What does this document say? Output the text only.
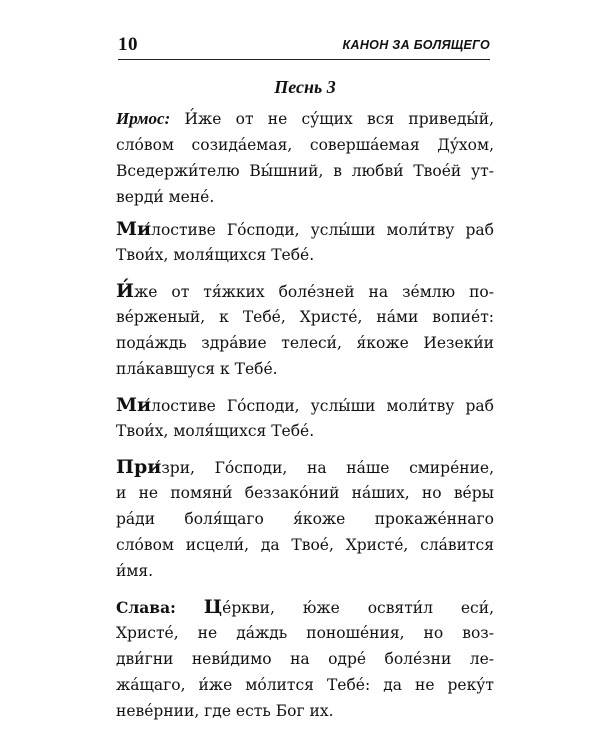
10	КАНОН ЗА БОЛЯЩЕГО
Песнь 3
Ирмос: И́же от не су́щих вся приведы́й,
сло́вом созида́емая, соверша́емая Ду́хом,
Вседержи́телю Вы́шний, в любви́ Твое́й ут-
верди́ мене́.
Ми́лостиве Го́споди, услы́ши моли́тву раб
Твои́х, моля́щихся Тебе́.
И́же от тя́жких боле́зней на зе́млю по-
ве́рженый, к Тебе́, Христе́, на́ми вопие́т:
пода́ждь здра́вие телеси́, я́коже Иезеки́и
пла́кавшуся к Тебе́.
Ми́лостиве Го́споди, услы́ши моли́тву раб
Твои́х, моля́щихся Тебе́.
При́зри, Го́споди, на на́ше смире́ние,
и не помяни́ беззако́ний на́ших, но ве́ры
ра́ди боля́щаго я́коже прокаже́ннаго
сло́вом исцели́, да Твое́, Христе́, сла́вится
и́мя.
Слава: Це́ркви, ю́же освяти́л еси́,
Христе́, не да́ждь поноше́ния, но воз-
дви́гни неви́димо на одре́ боле́зни ле-
жа́щаго, и́же мо́лится Тебе́: да не реку́т
неве́рнии, где есть Бог их.
